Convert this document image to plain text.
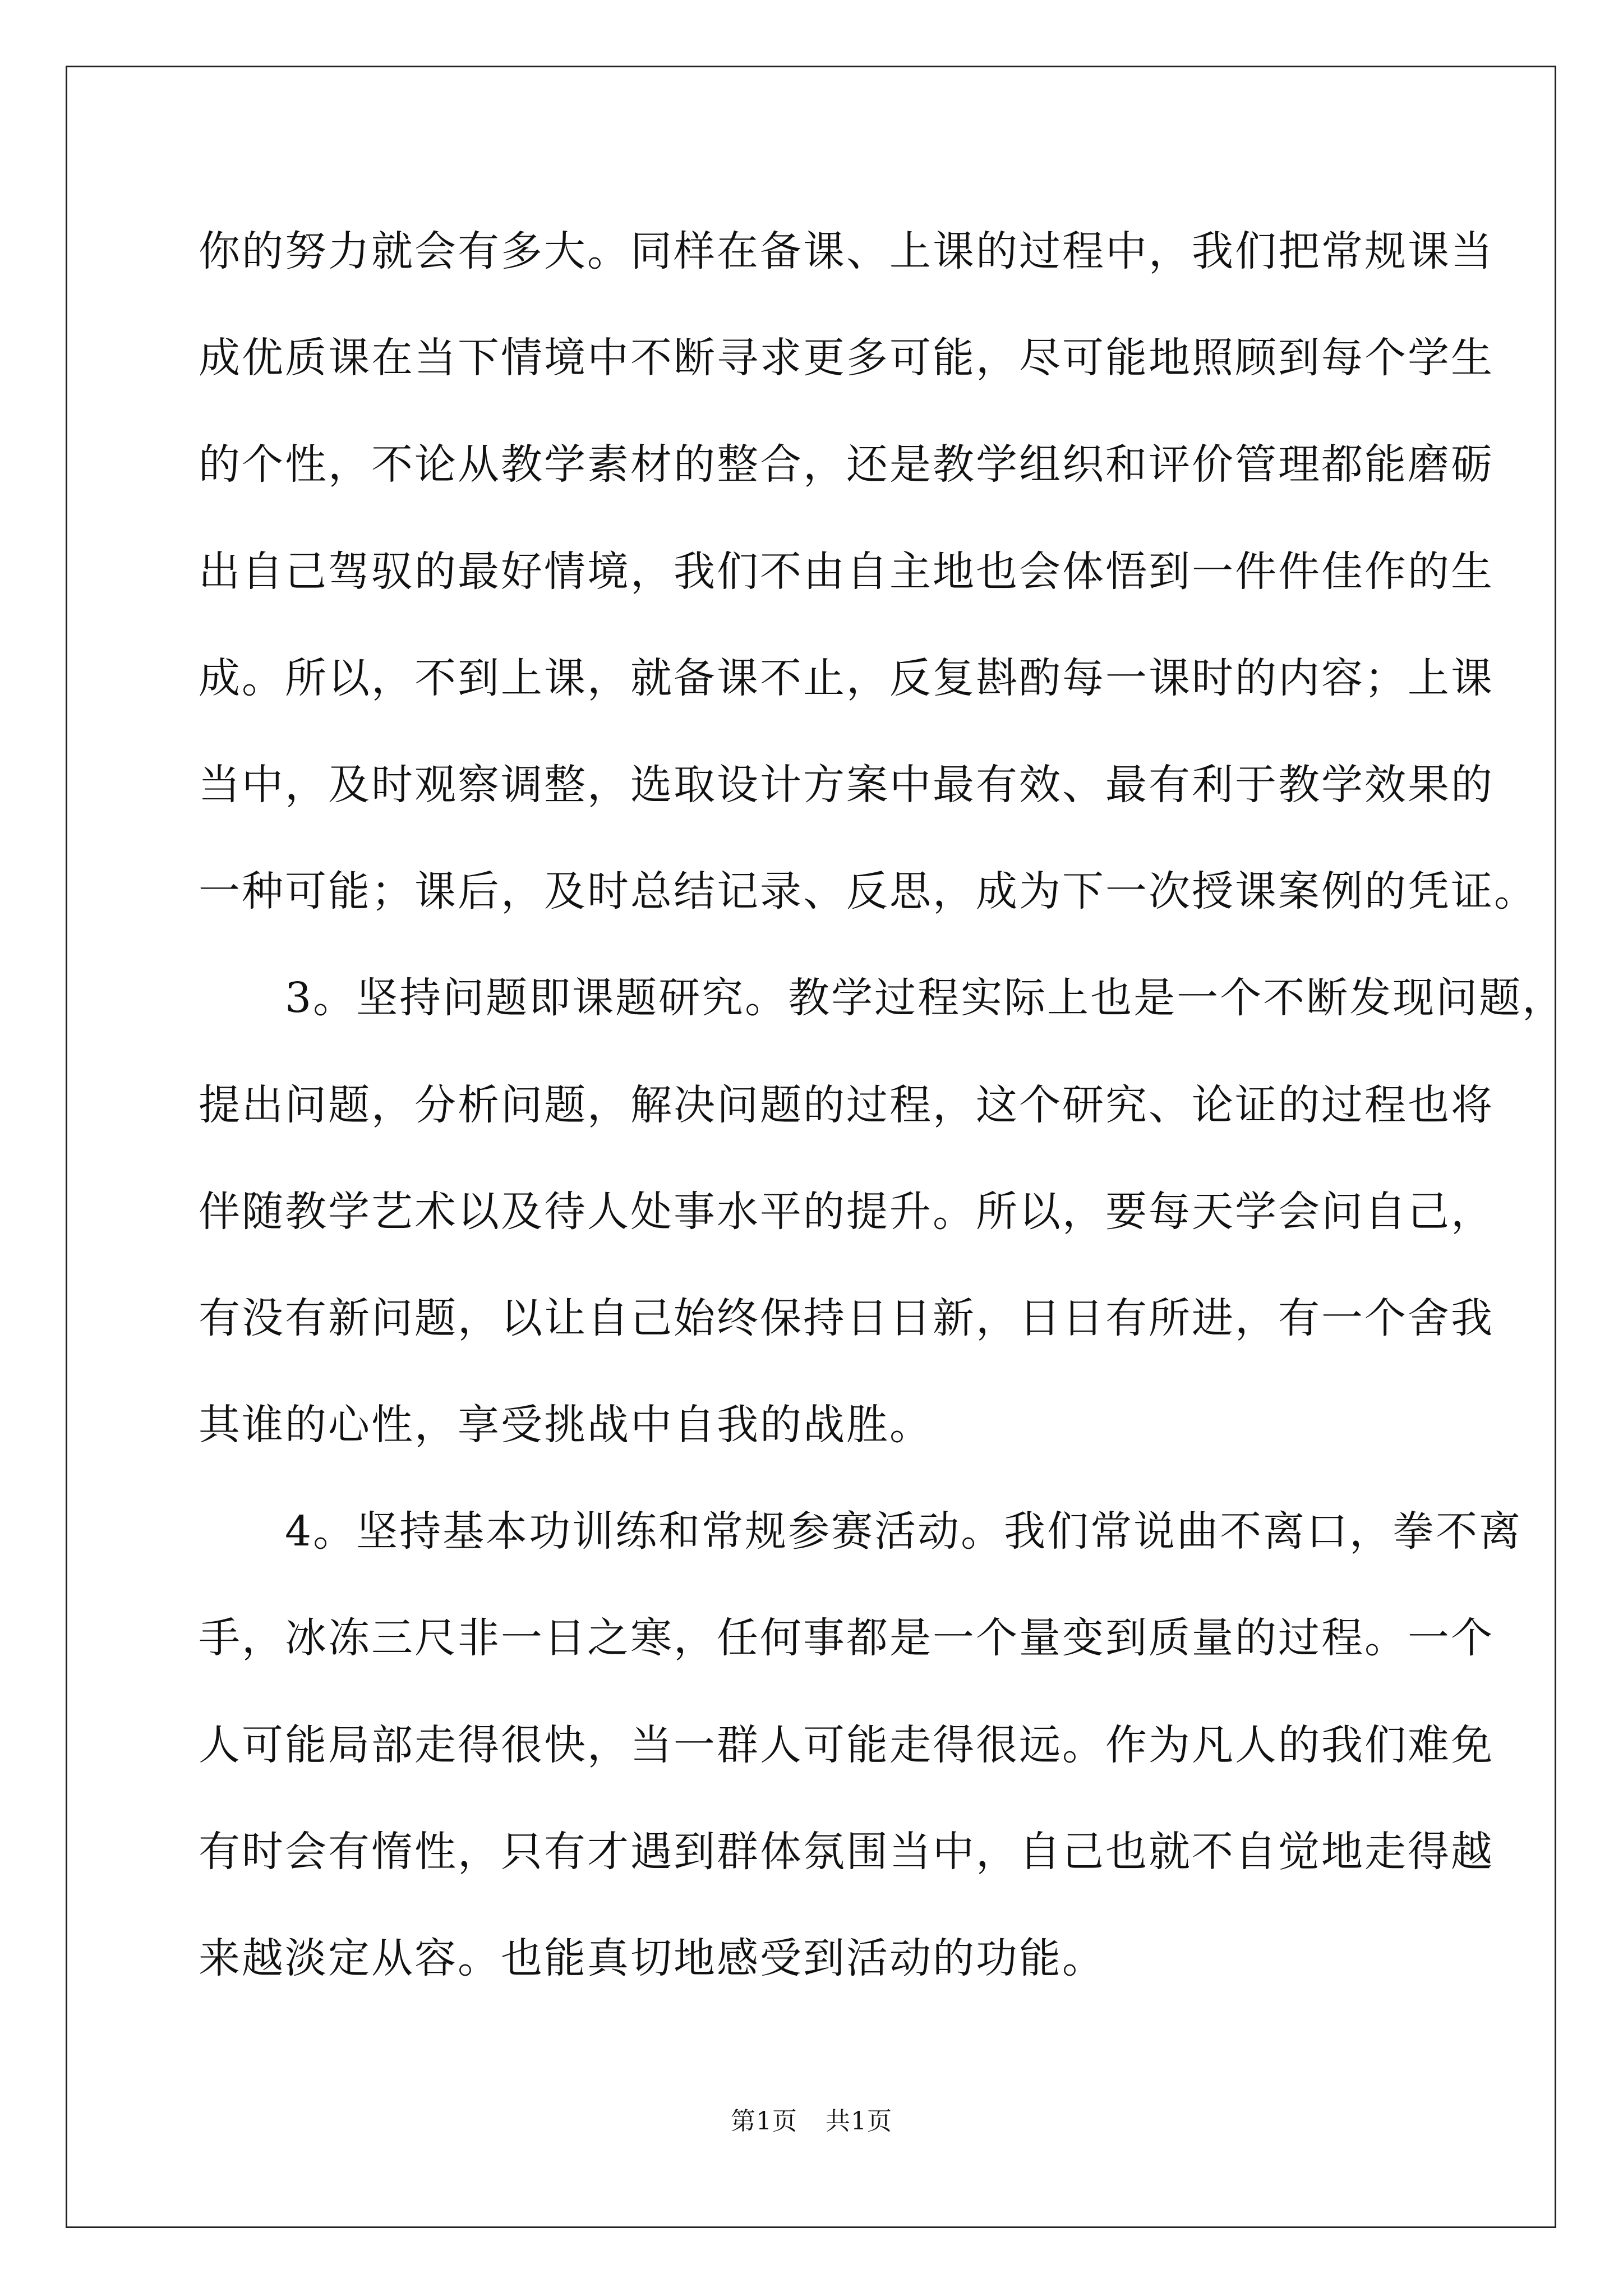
你的努力就会有多大。同样在备课、上课的过程中，我们把常规课当
成优质课在当下情境中不断寻求更多可能，尽可能地照顾到每个学生
的个性，不论从教学素材的整合，还是教学组织和评价管理都能磨砺
出自己驾驭的最好情境，我们不由自主地也会体悟到一件件佳作的生
成。所以，不到上课，就备课不止，反复斟酌每一课时的内容；上课
当中，及时观察调整，选取设计方案中最有效、最有利于教学效果的
一种可能；课后，及时总结记录、反思，成为下一次授课案例的凭证。
　　3。坚持问题即课题研究。教学过程实际上也是一个不断发现问题，
提出问题，分析问题，解决问题的过程，这个研究、论证的过程也将
伴随教学艺术以及待人处事水平的提升。所以，要每天学会问自己，
有没有新问题，以让自己始终保持日日新，日日有所进，有一个舍我
其谁的心性，享受挑战中自我的战胜。
　　4。坚持基本功训练和常规参赛活动。我们常说曲不离口，拳不离
手，冰冻三尺非一日之寒，任何事都是一个量变到质量的过程。一个
人可能局部走得很快，当一群人可能走得很远。作为凡人的我们难免
有时会有惰性，只有才遇到群体氛围当中，自己也就不自觉地走得越
来越淡定从容。也能真切地感受到活动的功能。
第1页 共1页
